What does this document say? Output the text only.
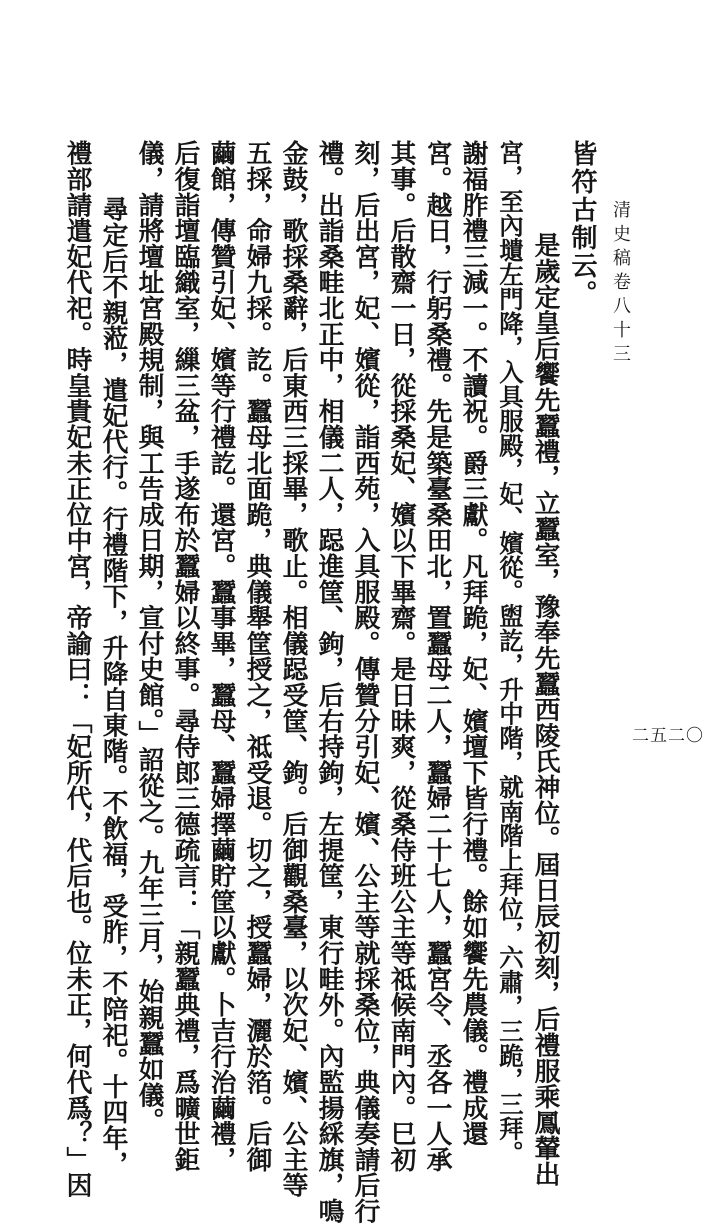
清史稿卷八十三
二五二〇
皆符古制云。
是歲定皇后饗先蠶禮，立蠶室，豫奉先蠶西陵氏神位。屆日辰初刻，后禮服乘鳳輦出
宮，至內壝左門降，入具服殿，妃、嬪從。盥訖，升中階，就南階上拜位，六肅，三跪，三拜。
謝福胙禮三減一。不讀祝。爵三獻。凡拜跪，妃、嬪壇下皆行禮。餘如饗先農儀。禮成還
宮。越日，行躬桑禮。先是築臺桑田北，置蠶母二人，蠶婦二十七人，蠶宮令、丞各一人承
其事。后散齋一日，從採桑妃、嬪以下畢齋。是日昧爽，從桑侍班公主等祗候南門內。巳初
刻，后出宮，妃、嬪從，詣西苑，入具服殿。傳贊分引妃、嬪、公主等就採桑位，典儀奏請后行
禮。出詣桑畦北正中，相儀二人，跽進筐、鉤，后右持鉤，左提筐，東行畦外。內監揚綵旗，鳴
金鼓，歌採桑辭，后東西三採畢，歌止。相儀跽受筐、鉤。后御觀桑臺，以次妃、嬪、公主等
五採，命婦九採。訖。蠶母北面跪，典儀舉筐授之，祗受退。切之，授蠶婦，灑於箔。后御
繭館，傳贊引妃、嬪等行禮訖。還宮。蠶事畢，蠶母、蠶婦擇繭貯筐以獻。卜吉行治繭禮，
后復詣壇臨織室，繅三盆，手遂布於蠶婦以終事。尋侍郎三德疏言：「親蠶典禮，爲曠世鉅
儀，請將壇址宮殿規制，與工告成日期，宣付史館。」詔從之。九年三月，始親蠶如儀。
尋定后不親蒞，遣妃代行。行禮階下，升降自東階。不飲福，受胙，不陪祀。十四年，
禮部請遣妃代祀。時皇貴妃未正位中宮，帝諭曰：「妃所代，代后也。位未正，何代爲？」因
